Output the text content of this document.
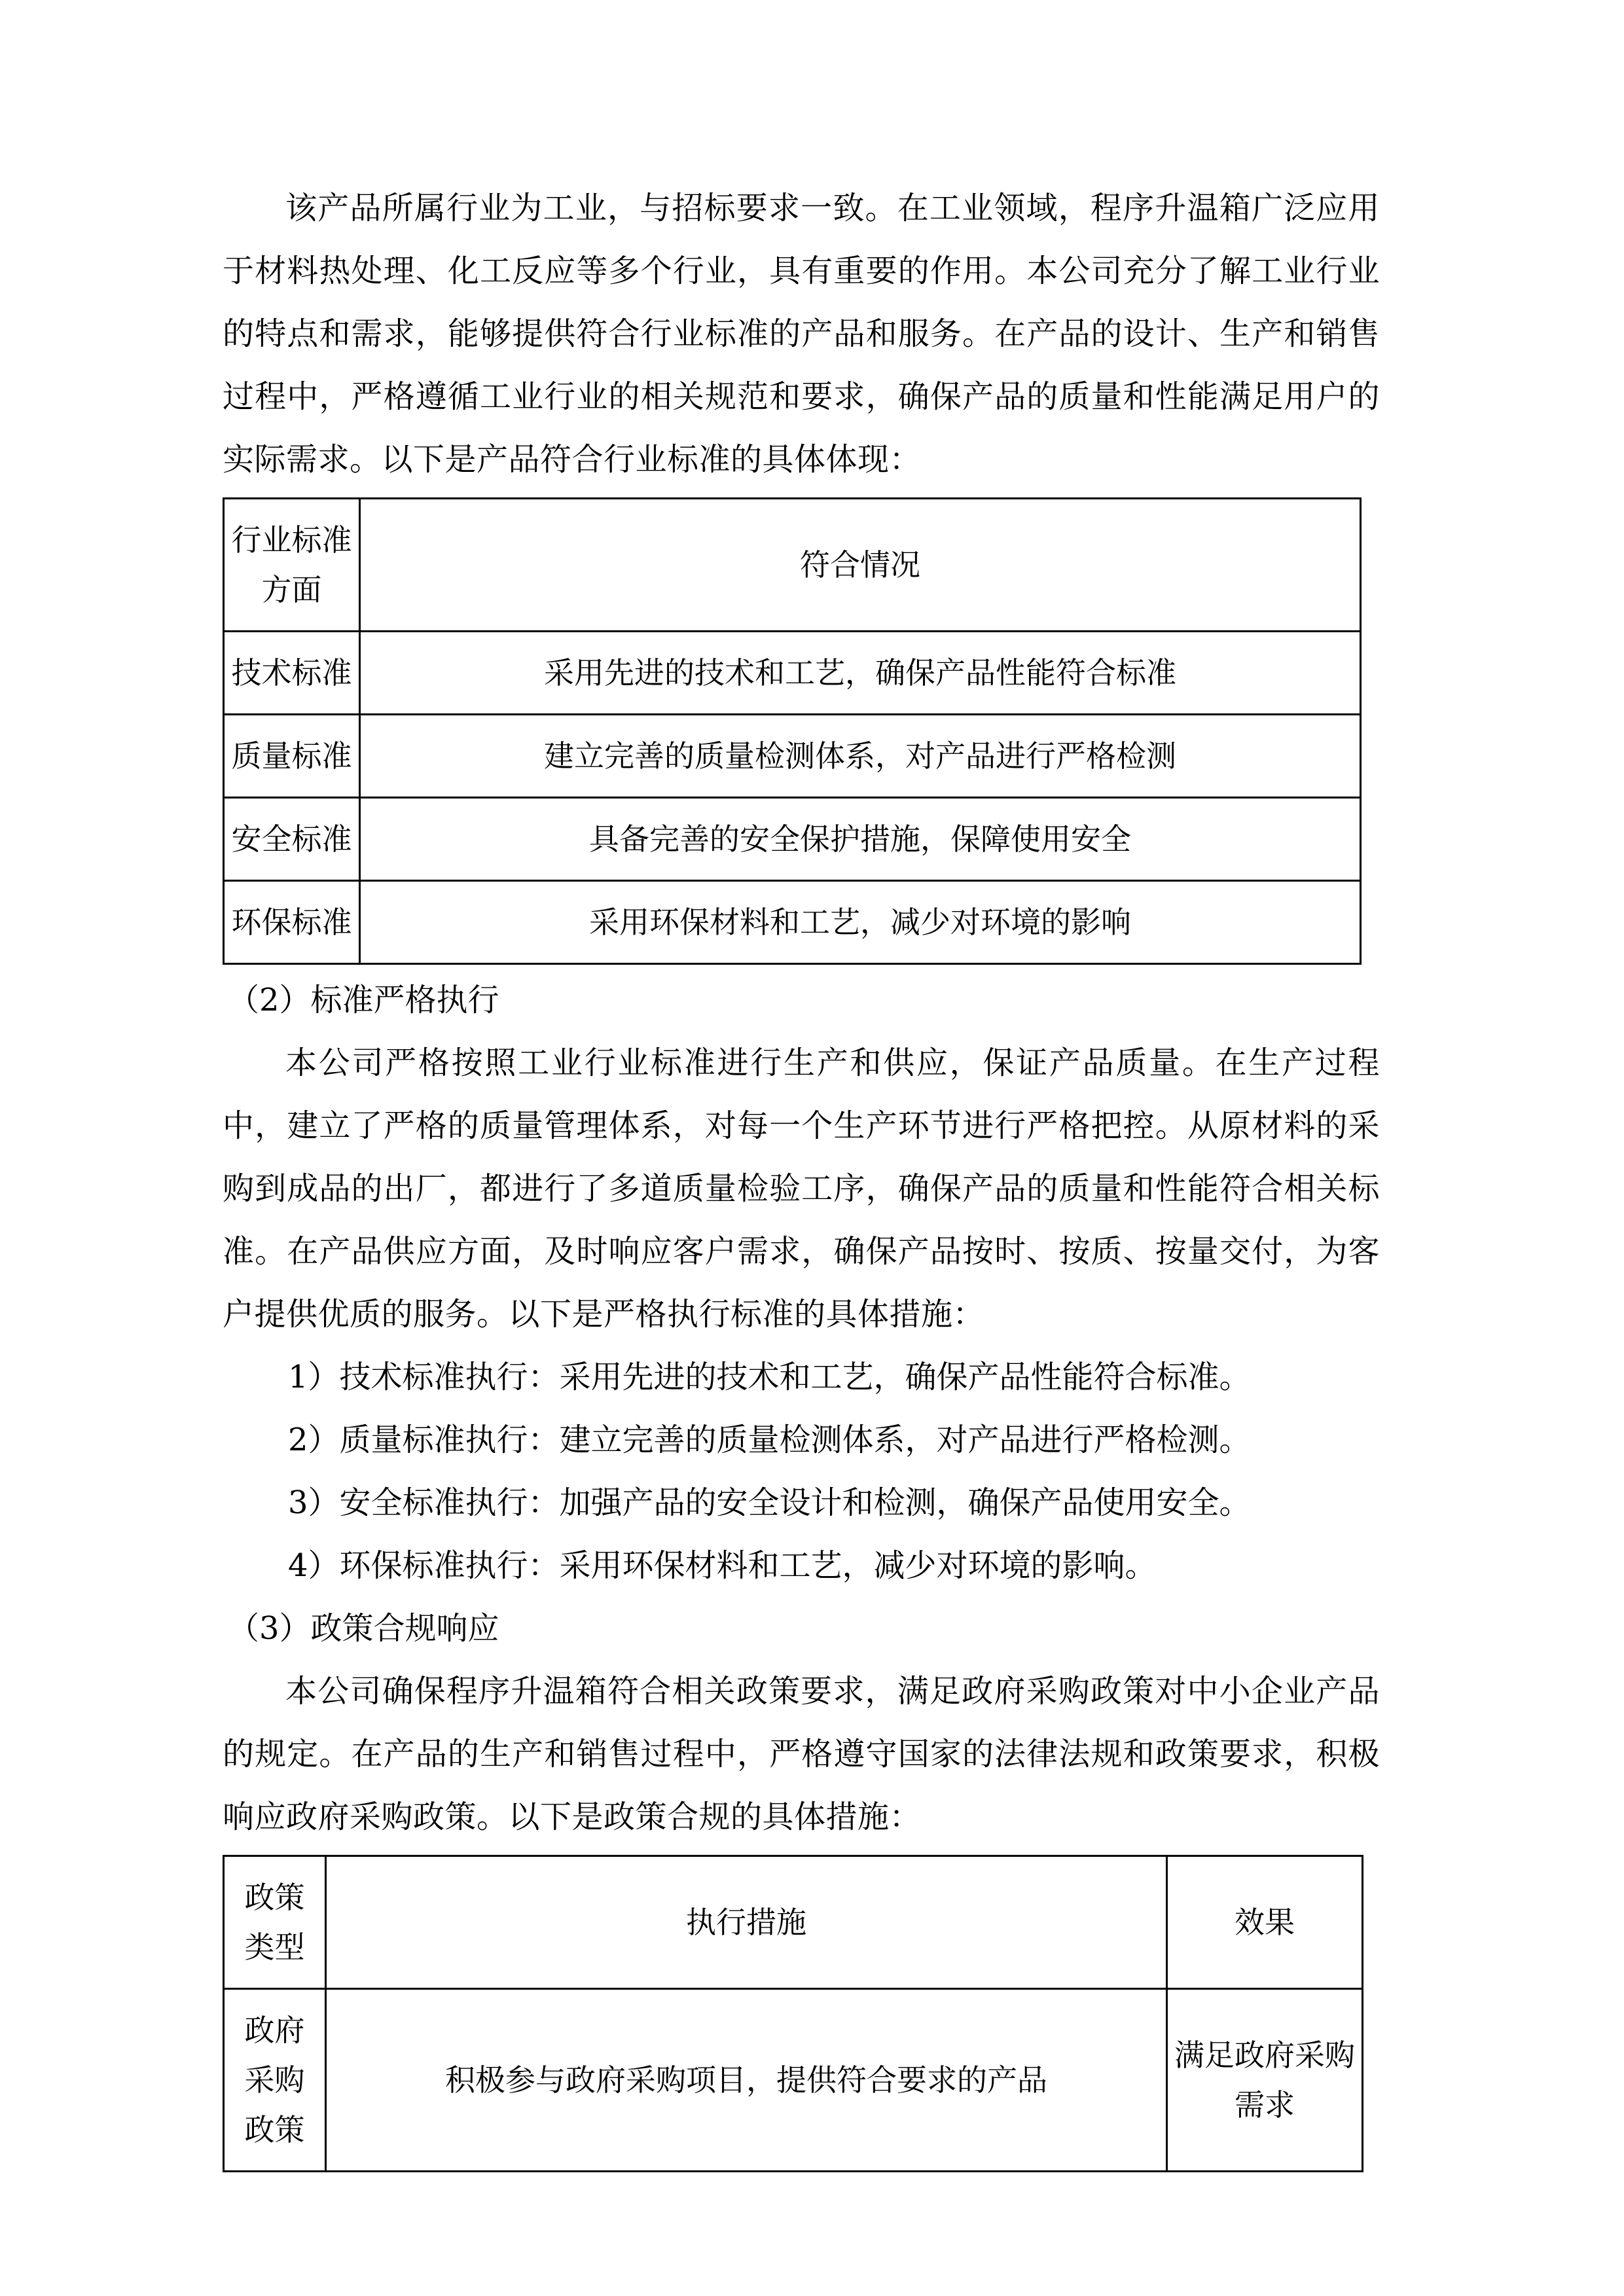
该产品所属行业为工业，与招标要求一致。在工业领域，程序升温箱广泛应用于材料热处理、化工反应等多个行业，具有重要的作用。本公司充分了解工业行业的特点和需求，能够提供符合行业标准的产品和服务。在产品的设计、生产和销售过程中，严格遵循工业行业的相关规范和要求，确保产品的质量和性能满足用户的实际需求。以下是产品符合行业标准的具体体现：

行业标准方面	符合情况
技术标准	采用先进的技术和工艺，确保产品性能符合标准
质量标准	建立完善的质量检测体系，对产品进行严格检测
安全标准	具备完善的安全保护措施，保障使用安全
环保标准	采用环保材料和工艺，减少对环境的影响
（2）标准严格执行

本公司严格按照工业行业标准进行生产和供应，保证产品质量。在生产过程中，建立了严格的质量管理体系，对每一个生产环节进行严格把控。从原材料的采购到成品的出厂，都进行了多道质量检验工序，确保产品的质量和性能符合相关标准。在产品供应方面，及时响应客户需求，确保产品按时、按质、按量交付，为客户提供优质的服务。以下是严格执行标准的具体措施：

1）技术标准执行：采用先进的技术和工艺，确保产品性能符合标准。
2）质量标准执行：建立完善的质量检测体系，对产品进行严格检测。
3）安全标准执行：加强产品的安全设计和检测，确保产品使用安全。
4）环保标准执行：采用环保材料和工艺，减少对环境的影响。
（3）政策合规响应

本公司确保程序升温箱符合相关政策要求，满足政府采购政策对中小企业产品的规定。在产品的生产和销售过程中，严格遵守国家的法律法规和政策要求，积极响应政府采购政策。以下是政策合规的具体措施：

政策类型	执行措施	效果
政府采购政策	积极参与政府采购项目，提供符合要求的产品	满足政府采购需求
